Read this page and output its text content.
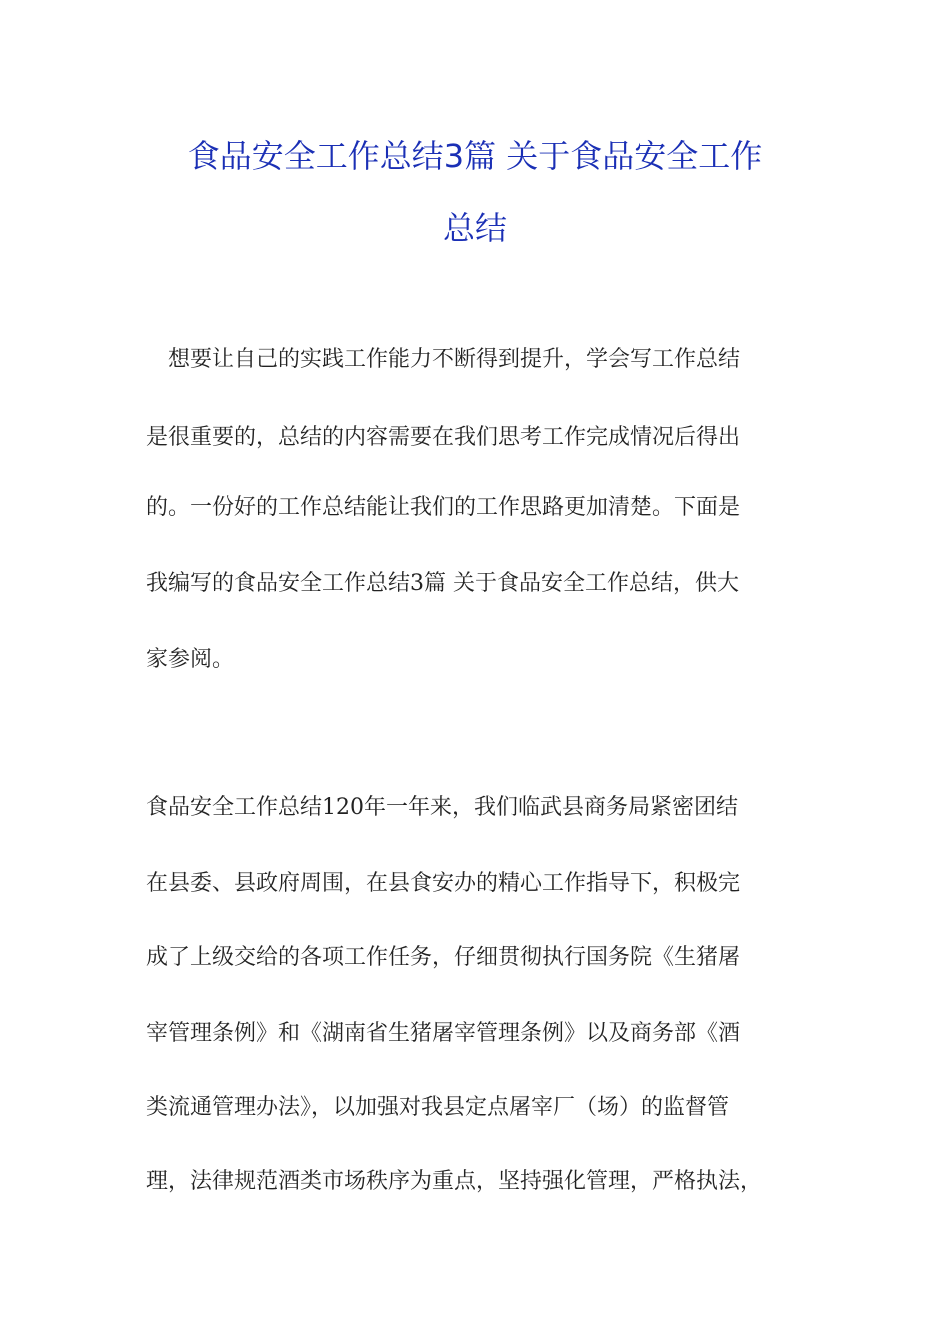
食品安全工作总结3篇 关于食品安全工作
总结
　想要让自己的实践工作能力不断得到提升，学会写工作总结
是很重要的，总结的内容需要在我们思考工作完成情况后得出
的。一份好的工作总结能让我们的工作思路更加清楚。下面是
我编写的食品安全工作总结3篇 关于食品安全工作总结，供大
家参阅。
食品安全工作总结120年一年来，我们临武县商务局紧密团结
在县委、县政府周围，在县食安办的精心工作指导下，积极完
成了上级交给的各项工作任务，仔细贯彻执行国务院《生猪屠
宰管理条例》和《湖南省生猪屠宰管理条例》以及商务部《酒
类流通管理办法》，以加强对我县定点屠宰厂（场）的监督管
理，法律规范酒类市场秩序为重点，坚持强化管理，严格执法，
